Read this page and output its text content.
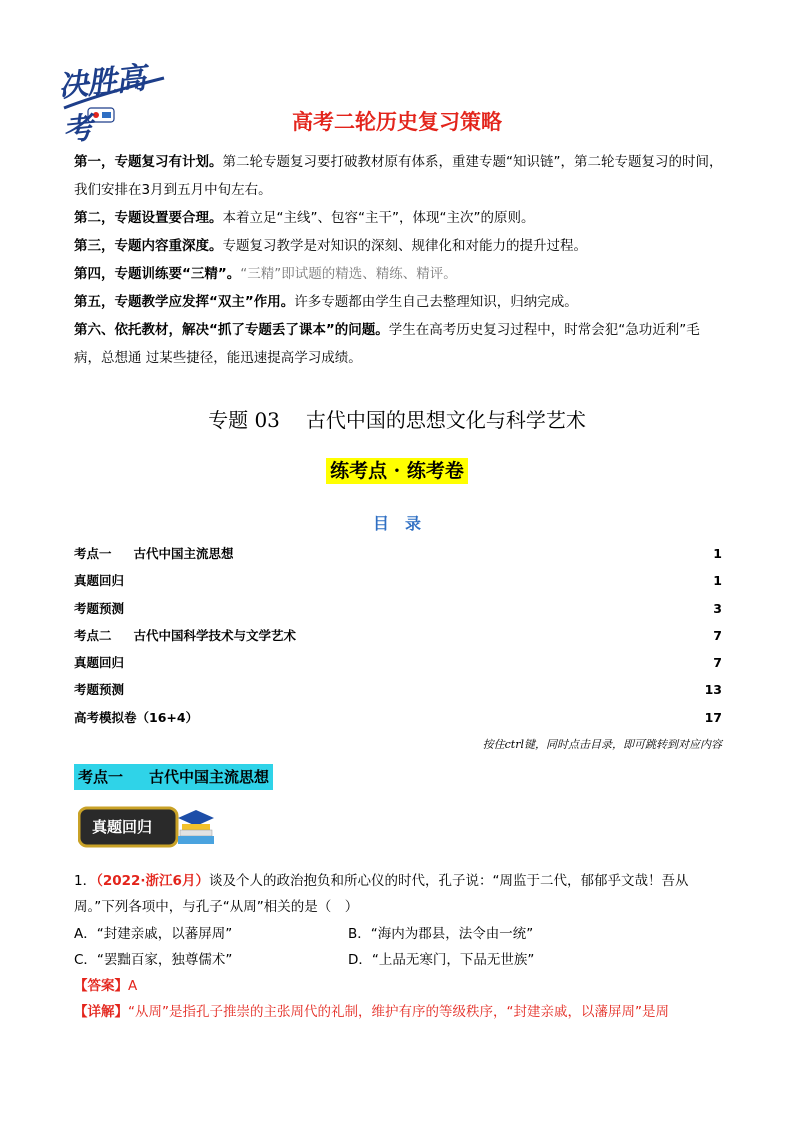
决胜高考	高考二轮历史复习策略

第一，专题复习有计划。第二轮专题复习要打破教材原有体系，重建专题“知识链”，第二轮专题复习的时间，我们安排在3月到五月中旬左右。

第二，专题设置要合理。本着立足“主线”、包容“主干”，体现“主次”的原则。

第三，专题内容重深度。专题复习教学是对知识的深刻、规律化和对能力的提升过程。

第四，专题训练要“三精”。“三精”即试题的精选、精练、精评。

第五，专题教学应发挥“双主”作用。许多专题都由学生自己去整理知识，归纳完成。

第六、依托教材，解决“抓了专题丢了课本”的问题。学生在高考历史复习过程中，时常会犯“急功近利”毛病，总想通 过某些捷径，能迅速提高学习成绩。

专题 03 古代中国的思想文化与科学艺术
练考点 · 练考卷
目　录
考点一 古代中国主流思想	1
真题回归	1
考题预测	3
考点二 古代中国科学技术与文学艺术	7
真题回归	7
考题预测	13
高考模拟卷（16+4）	17
按住ctrl键，同时点击目录，即可跳转到对应内容
考点一 古代中国主流思想
真题回归
1．（2022·浙江6月）谈及个人的政治抱负和所心仪的时代，孔子说：“周监于二代，郁郁乎文哉！吾从周。”下列各项中，与孔子“从周”相关的是（　）
A．“封建亲戚，以蕃屏周”	B．“海内为郡县，法令由一统”
C．“罢黜百家，独尊儒术”	D．“上品无寒门，下品无世族”
【答案】A
【详解】“从周”是指孔子推崇的主张周代的礼制，维护有序的等级秩序，“封建亲戚，以藩屏周”是周
